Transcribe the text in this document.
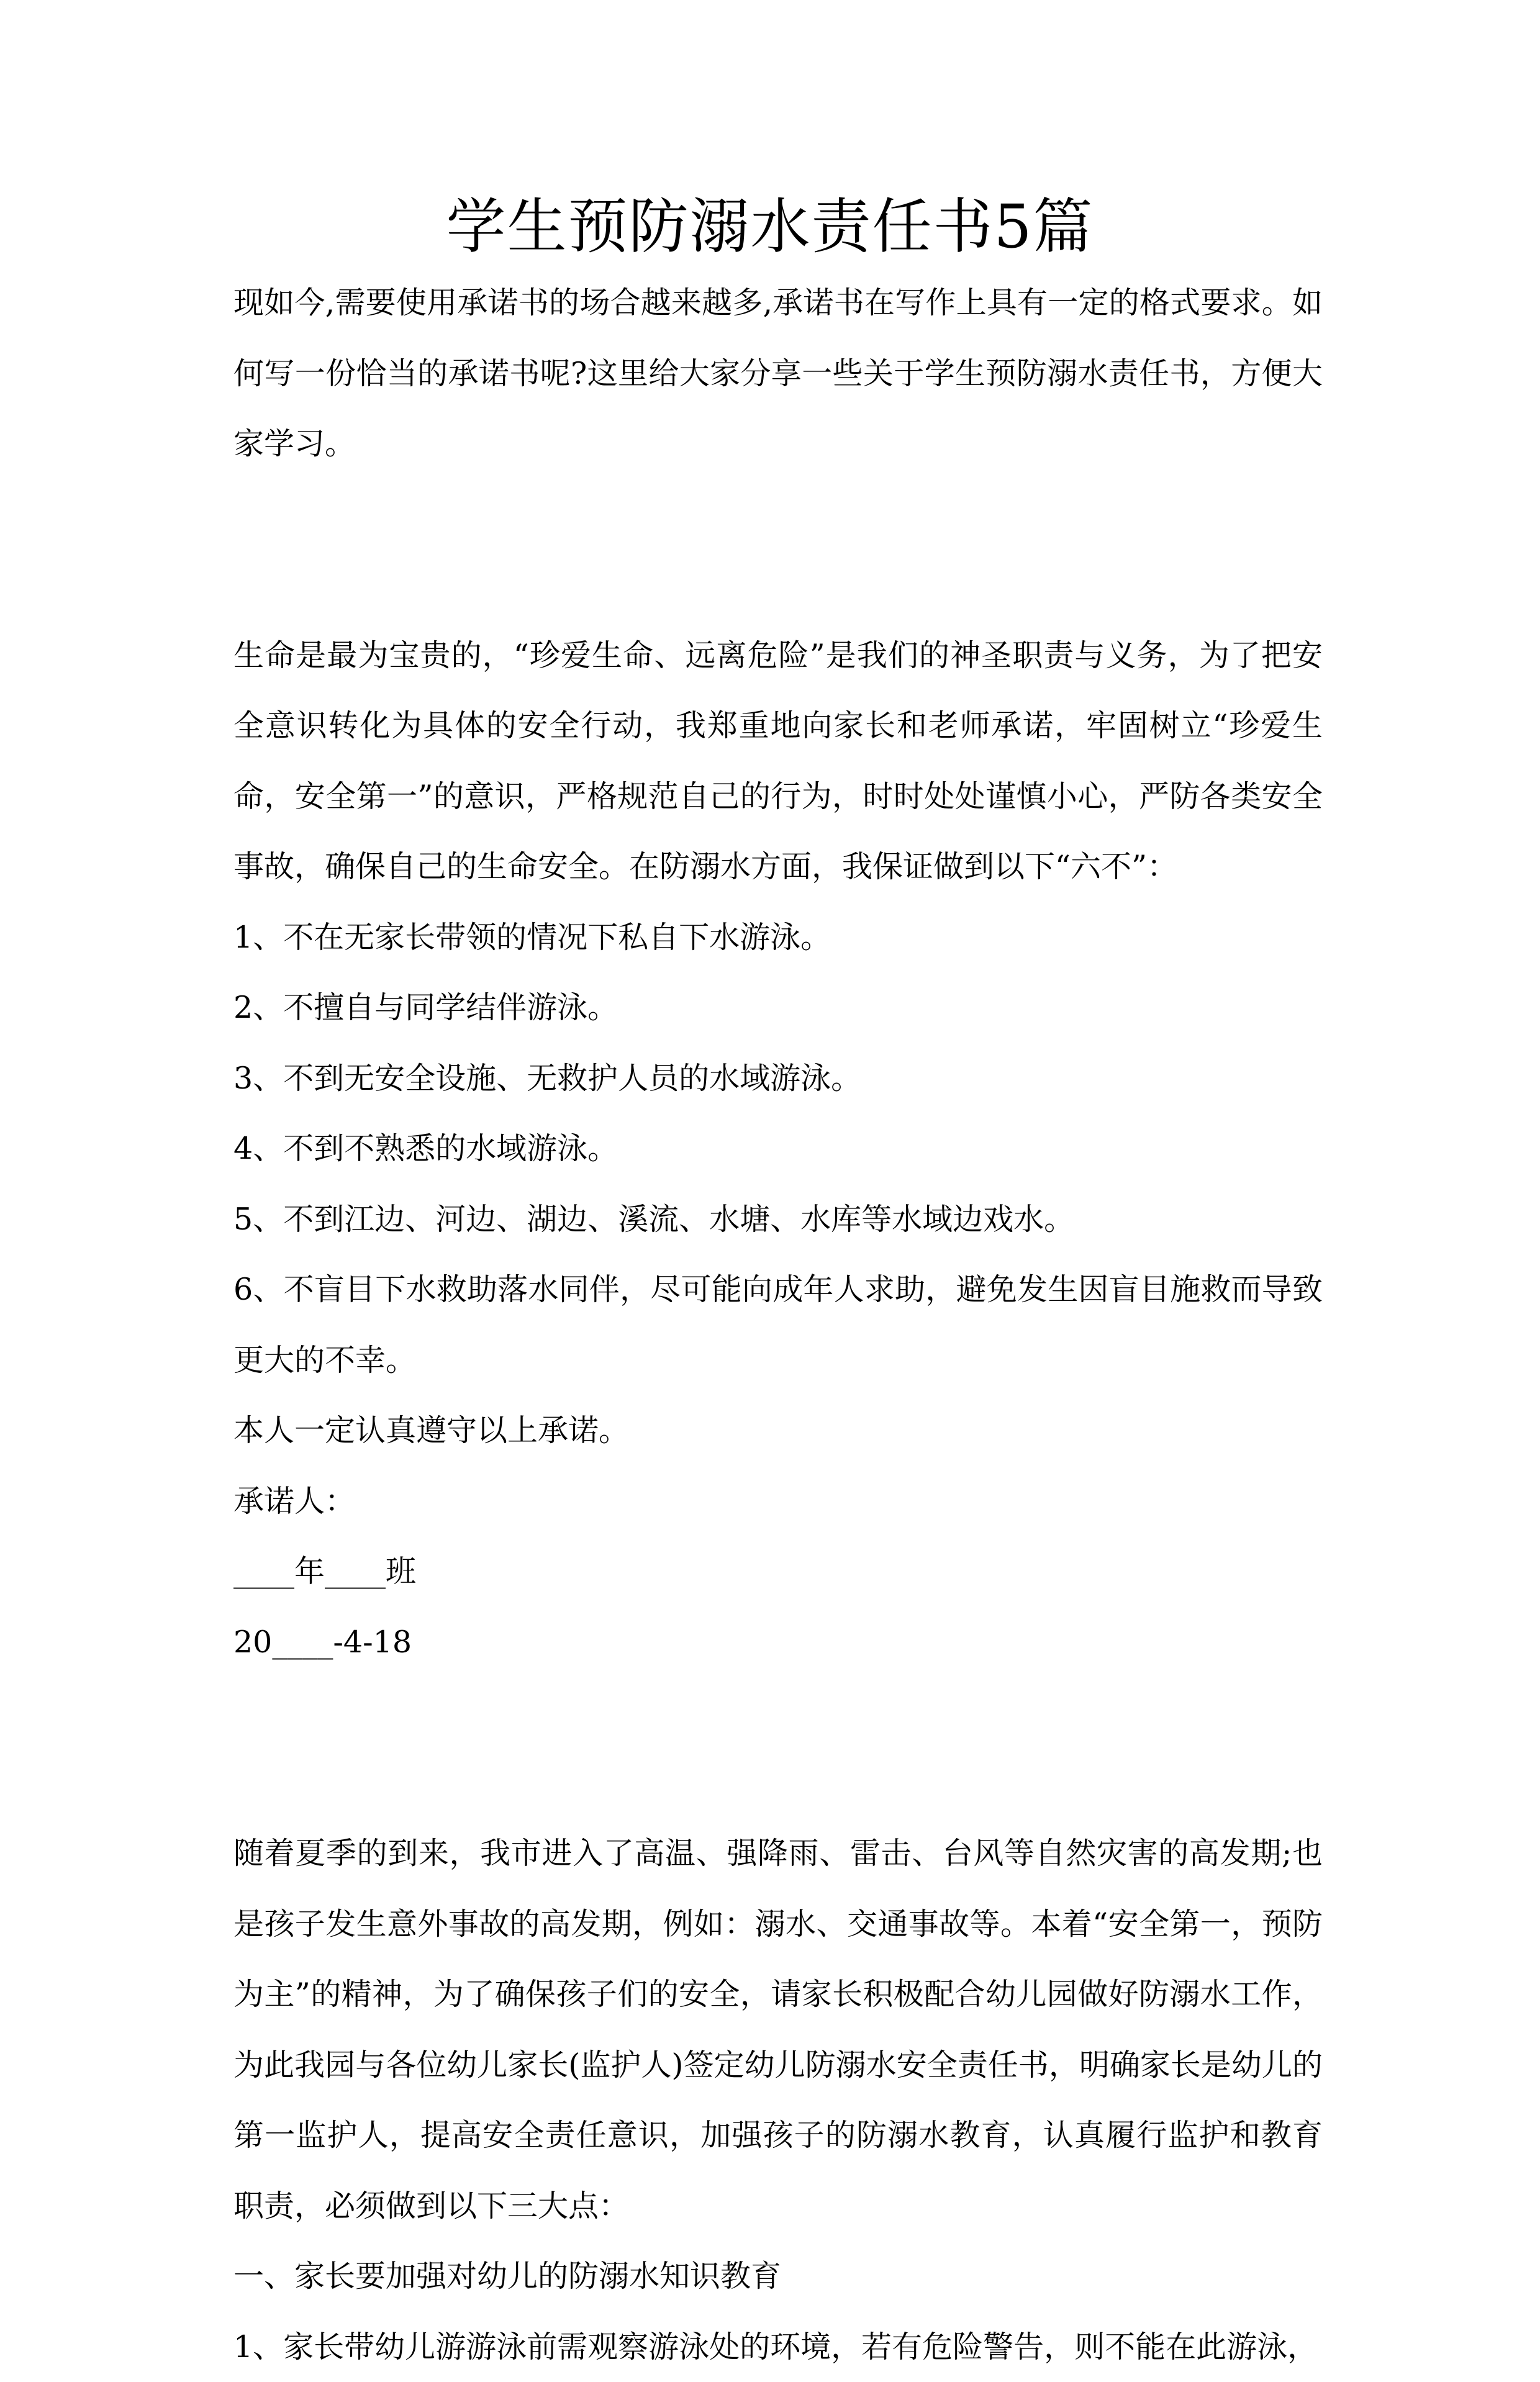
学生预防溺水责任书5篇

现如今,需要使用承诺书的场合越来越多,承诺书在写作上具有一定的格式要求。如何写一份恰当的承诺书呢?这里给大家分享一些关于学生预防溺水责任书，方便大家学习。

生命是最为宝贵的，“珍爱生命、远离危险”是我们的神圣职责与义务，为了把安全意识转化为具体的安全行动，我郑重地向家长和老师承诺，牢固树立“珍爱生命，安全第一”的意识，严格规范自己的行为，时时处处谨慎小心，严防各类安全事故，确保自己的生命安全。在防溺水方面，我保证做到以下“六不”：

1、不在无家长带领的情况下私自下水游泳。

2、不擅自与同学结伴游泳。

3、不到无安全设施、无救护人员的水域游泳。

4、不到不熟悉的水域游泳。

5、不到江边、河边、湖边、溪流、水塘、水库等水域边戏水。

6、不盲目下水救助落水同伴，尽可能向成年人求助，避免发生因盲目施救而导致更大的不幸。

本人一定认真遵守以上承诺。

承诺人：

____年____班

20____-4-18

随着夏季的到来，我市进入了高温、强降雨、雷击、台风等自然灾害的高发期;也是孩子发生意外事故的高发期，例如：溺水、交通事故等。本着“安全第一，预防为主”的精神，为了确保孩子们的安全，请家长积极配合幼儿园做好防溺水工作，为此我园与各位幼儿家长(监护人)签定幼儿防溺水安全责任书，明确家长是幼儿的第一监护人，提高安全责任意识，加强孩子的防溺水教育，认真履行监护和教育职责，必须做到以下三大点：

一、家长要加强对幼儿的防溺水知识教育

1、家长带幼儿游游泳前需观察游泳处的环境，若有危险警告，则不能在此游泳，
